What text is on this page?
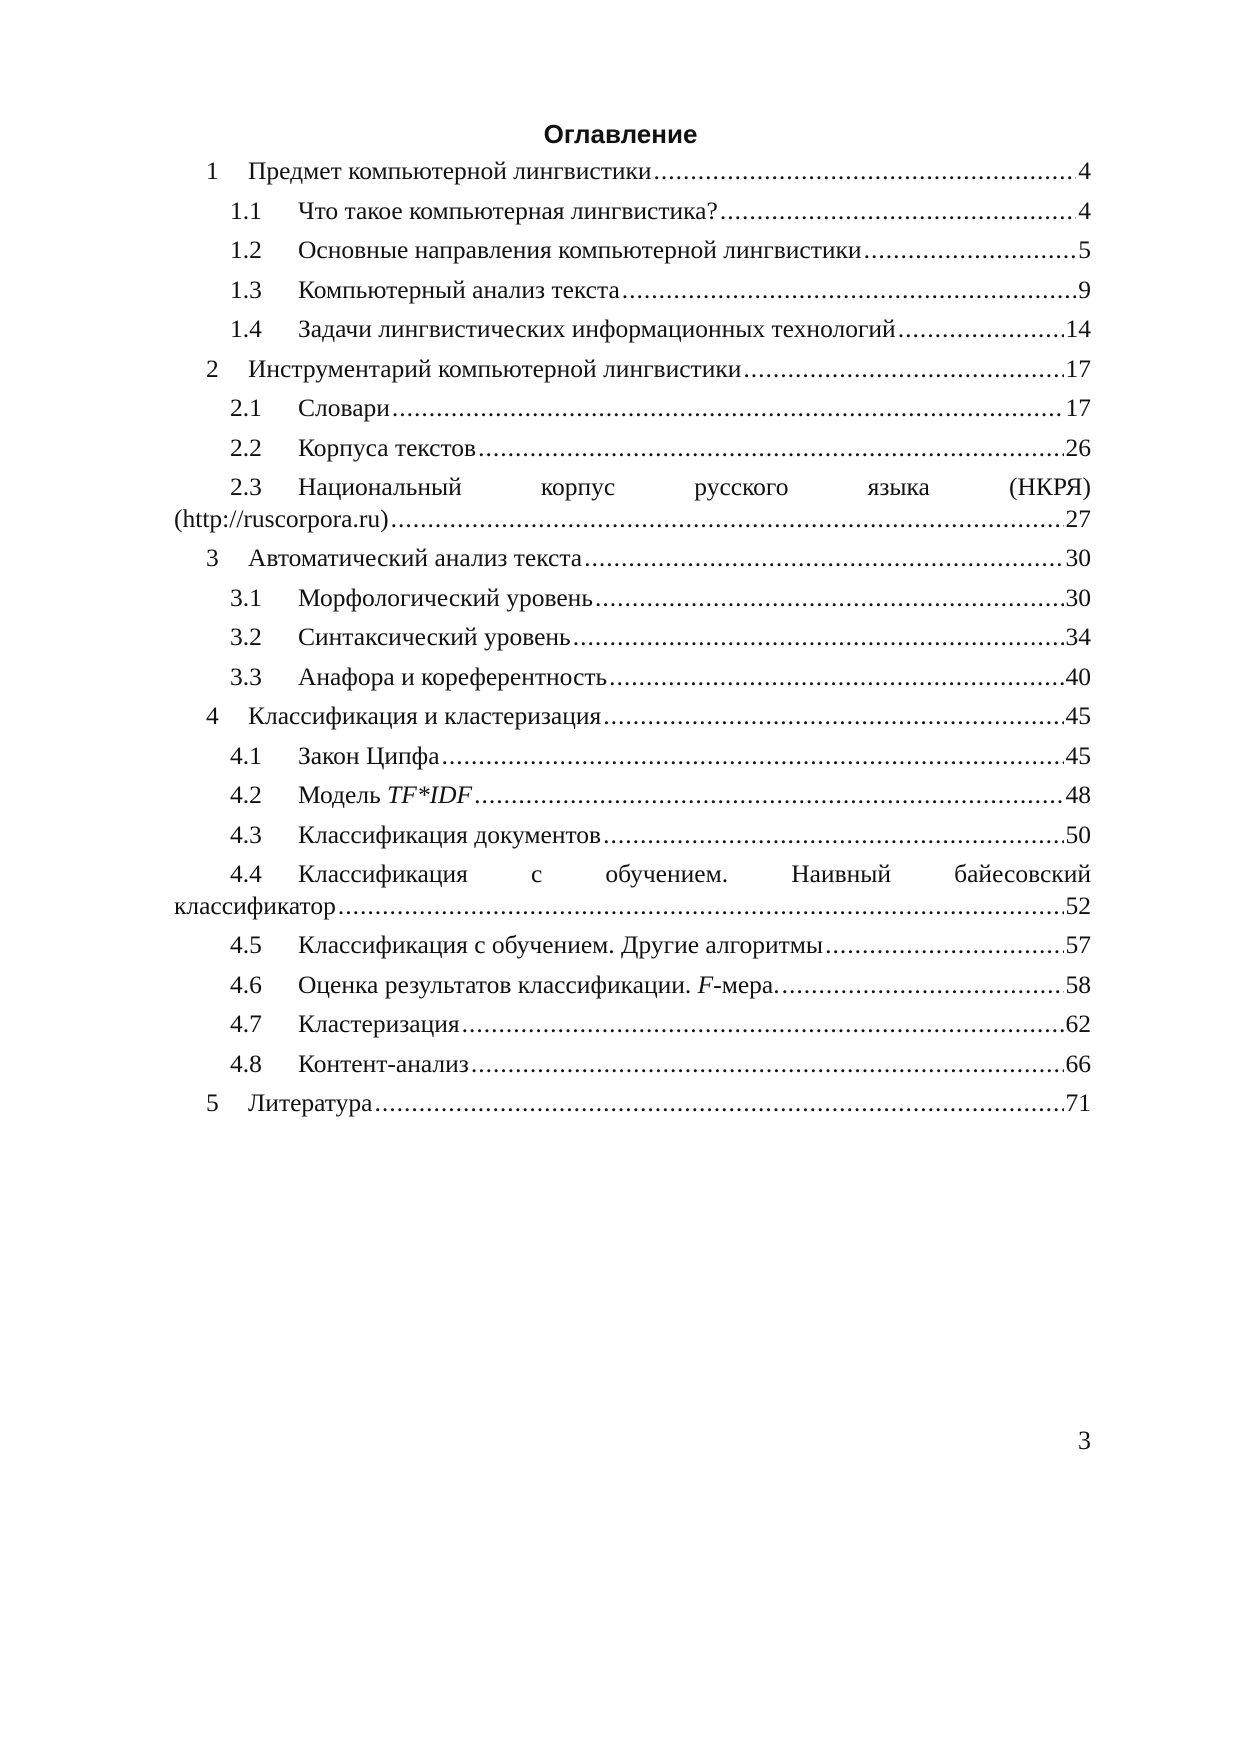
Оглавление
1 Предмет компьютерной лингвистики .....	4
1.1 Что такое компьютерная лингвистика? .....	4
1.2 Основные направления компьютерной лингвистики .....	5
1.3 Компьютерный анализ текста .....	9
1.4 Задачи лингвистических информационных технологий .....	14
2 Инструментарий компьютерной лингвистики .....	17
2.1 Словари .....	17
2.2 Корпуса текстов .....	26
2.3 Национальный	корпус	русского	языка	(НКРЯ)
(http://ruscorpora.ru) .....	27
3 Автоматический анализ текста .....	30
3.1 Морфологический уровень .....	30
3.2 Синтаксический уровень .....	34
3.3 Анафора и кореферентность .....	40
4 Классификация и кластеризация .....	45
4.1 Закон Ципфа .....	45
4.2 Модель TF*IDF .....	48
4.3 Классификация документов .....	50
4.4 Классификация с обучением. Наивный байесовский
классификатор .....	52
4.5 Классификация с обучением. Другие алгоритмы .....	57
4.6 Оценка результатов классификации. F-мера. .....	58
4.7 Кластеризация .....	62
4.8 Контент-анализ .....	66
5 Литература .....	71
3
